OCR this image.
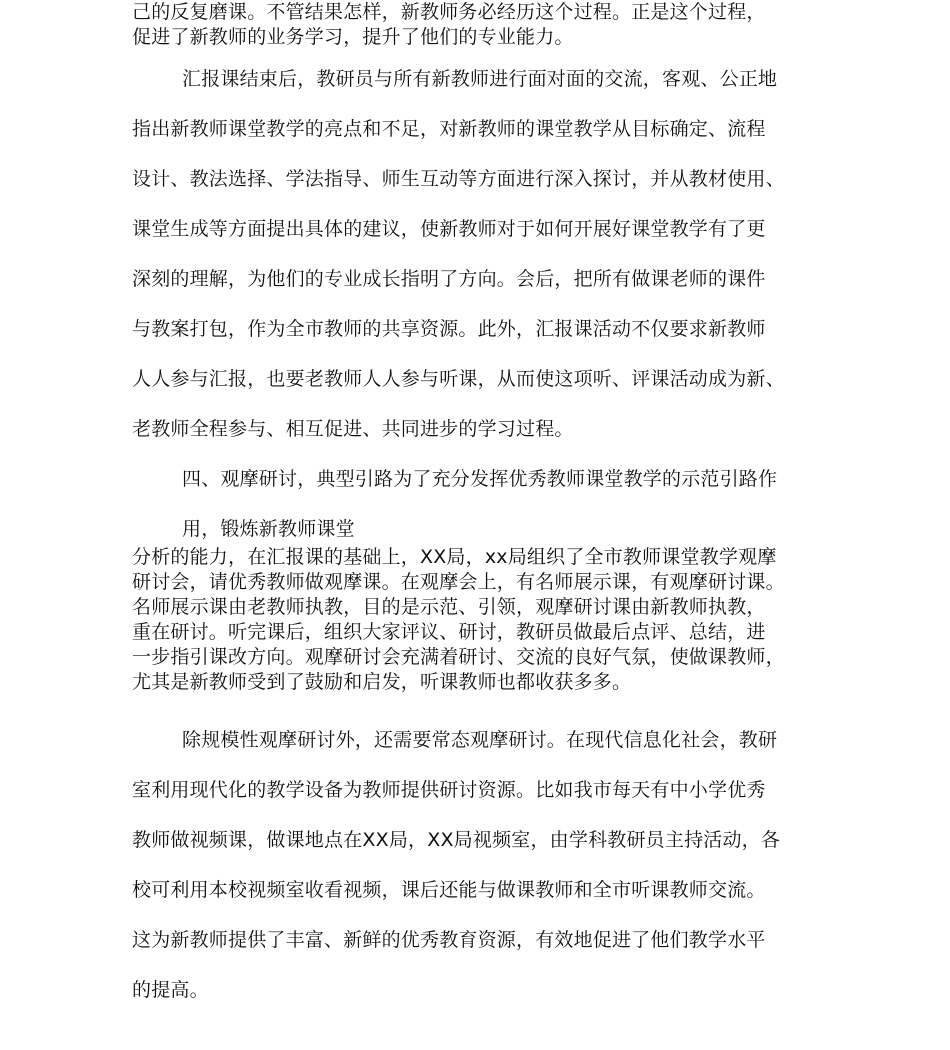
己的反复磨课。不管结果怎样，新教师务必经历这个过程。正是这个过程，
促进了新教师的业务学习，提升了他们的专业能力。
汇报课结束后，教研员与所有新教师进行面对面的交流，客观、公正地
指出新教师课堂教学的亮点和不足，对新教师的课堂教学从目标确定、流程
设计、教法选择、学法指导、师生互动等方面进行深入探讨，并从教材使用、
课堂生成等方面提出具体的建议，使新教师对于如何开展好课堂教学有了更
深刻的理解，为他们的专业成长指明了方向。会后，把所有做课老师的课件
与教案打包，作为全市教师的共享资源。此外，汇报课活动不仅要求新教师
人人参与汇报，也要老教师人人参与听课，从而使这项听、评课活动成为新、
老教师全程参与、相互促进、共同进步的学习过程。
四、观摩研讨，典型引路为了充分发挥优秀教师课堂教学的示范引路作
用，锻炼新教师课堂
分析的能力，在汇报课的基础上，XX局，xx局组织了全市教师课堂教学观摩
研讨会，请优秀教师做观摩课。在观摩会上，有名师展示课，有观摩研讨课。
名师展示课由老教师执教，目的是示范、引领，观摩研讨课由新教师执教，
重在研讨。听完课后，组织大家评议、研讨，教研员做最后点评、总结，进
一步指引课改方向。观摩研讨会充满着研讨、交流的良好气氛，使做课教师，
尤其是新教师受到了鼓励和启发，听课教师也都收获多多。
除规模性观摩研讨外，还需要常态观摩研讨。在现代信息化社会，教研
室利用现代化的教学设备为教师提供研讨资源。比如我市每天有中小学优秀
教师做视频课，做课地点在XX局，XX局视频室，由学科教研员主持活动，各
校可利用本校视频室收看视频，课后还能与做课教师和全市听课教师交流。
这为新教师提供了丰富、新鲜的优秀教育资源，有效地促进了他们教学水平
的提高。
